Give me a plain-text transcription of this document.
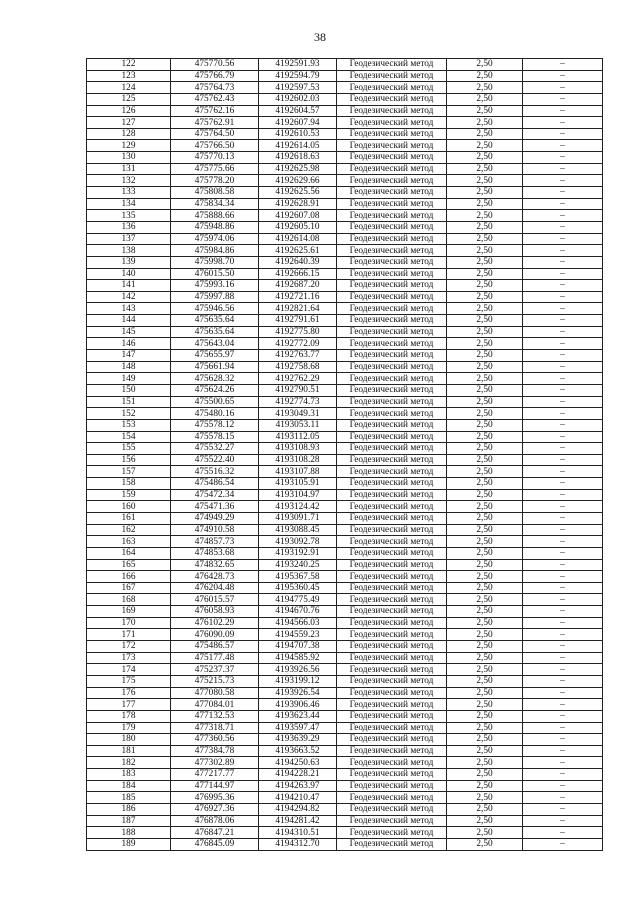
38
122	475770.56	4192591.93	Геодезический метод	2,50	–
123	475766.79	4192594.79	Геодезический метод	2,50	–
124	475764.73	4192597.53	Геодезический метод	2,50	–
125	475762.43	4192602.03	Геодезический метод	2,50	–
126	475762.16	4192604.57	Геодезический метод	2,50	–
127	475762.91	4192607.94	Геодезический метод	2,50	–
128	475764.50	4192610.53	Геодезический метод	2,50	–
129	475766.50	4192614.05	Геодезический метод	2,50	–
130	475770.13	4192618.63	Геодезический метод	2,50	–
131	475775.66	4192625.98	Геодезический метод	2,50	–
132	475778.20	4192629.66	Геодезический метод	2,50	–
133	475808.58	4192625.56	Геодезический метод	2,50	–
134	475834.34	4192628.91	Геодезический метод	2,50	–
135	475888.66	4192607.08	Геодезический метод	2,50	–
136	475948.86	4192605.10	Геодезический метод	2,50	–
137	475974.06	4192614.08	Геодезический метод	2,50	–
138	475984.86	4192625.61	Геодезический метод	2,50	–
139	475998.70	4192640.39	Геодезический метод	2,50	–
140	476015.50	4192666.15	Геодезический метод	2,50	–
141	475993.16	4192687.20	Геодезический метод	2,50	–
142	475997.88	4192721.16	Геодезический метод	2,50	–
143	475946.56	4192821.64	Геодезический метод	2,50	–
144	475635.64	4192791.61	Геодезический метод	2,50	–
145	475635.64	4192775.80	Геодезический метод	2,50	–
146	475643.04	4192772.09	Геодезический метод	2,50	–
147	475655.97	4192763.77	Геодезический метод	2,50	–
148	475661.94	4192758.68	Геодезический метод	2,50	–
149	475628.32	4192762.29	Геодезический метод	2,50	–
150	475624.26	4192790.51	Геодезический метод	2,50	–
151	475500.65	4192774.73	Геодезический метод	2,50	–
152	475480.16	4193049.31	Геодезический метод	2,50	–
153	475578.12	4193053.11	Геодезический метод	2,50	–
154	475578.15	4193112.05	Геодезический метод	2,50	–
155	475532.27	4193108.93	Геодезический метод	2,50	–
156	475522.40	4193108.28	Геодезический метод	2,50	–
157	475516.32	4193107.88	Геодезический метод	2,50	–
158	475486.54	4193105.91	Геодезический метод	2,50	–
159	475472.34	4193104.97	Геодезический метод	2,50	–
160	475471.36	4193124.42	Геодезический метод	2,50	–
161	474949.29	4193091.71	Геодезический метод	2,50	–
162	474910.58	4193088.45	Геодезический метод	2,50	–
163	474857.73	4193092.78	Геодезический метод	2,50	–
164	474853.68	4193192.91	Геодезический метод	2,50	–
165	474832.65	4193240.25	Геодезический метод	2,50	–
166	476428.73	4195367.58	Геодезический метод	2,50	–
167	476204.48	4195360.45	Геодезический метод	2,50	–
168	476015.57	4194775.49	Геодезический метод	2,50	–
169	476058.93	4194670.76	Геодезический метод	2,50	–
170	476102.29	4194566.03	Геодезический метод	2,50	–
171	476090.09	4194559.23	Геодезический метод	2,50	–
172	475486.57	4194707.38	Геодезический метод	2,50	–
173	475177.48	4194585.92	Геодезический метод	2,50	–
174	475237.37	4193926.56	Геодезический метод	2,50	–
175	475215.73	4193199.12	Геодезический метод	2,50	–
176	477080.58	4193926.54	Геодезический метод	2,50	–
177	477084.01	4193906.46	Геодезический метод	2,50	–
178	477132.53	4193623.44	Геодезический метод	2,50	–
179	477318.71	4193597.47	Геодезический метод	2,50	–
180	477360.56	4193639.29	Геодезический метод	2,50	–
181	477384.78	4193663.52	Геодезический метод	2,50	–
182	477302.89	4194250.63	Геодезический метод	2,50	–
183	477217.77	4194228.21	Геодезический метод	2,50	–
184	477144.97	4194263.97	Геодезический метод	2,50	–
185	476995.36	4194210.47	Геодезический метод	2,50	–
186	476927.36	4194294.82	Геодезический метод	2,50	–
187	476878.06	4194281.42	Геодезический метод	2,50	–
188	476847.21	4194310.51	Геодезический метод	2,50	–
189	476845.09	4194312.70	Геодезический метод	2,50	–
